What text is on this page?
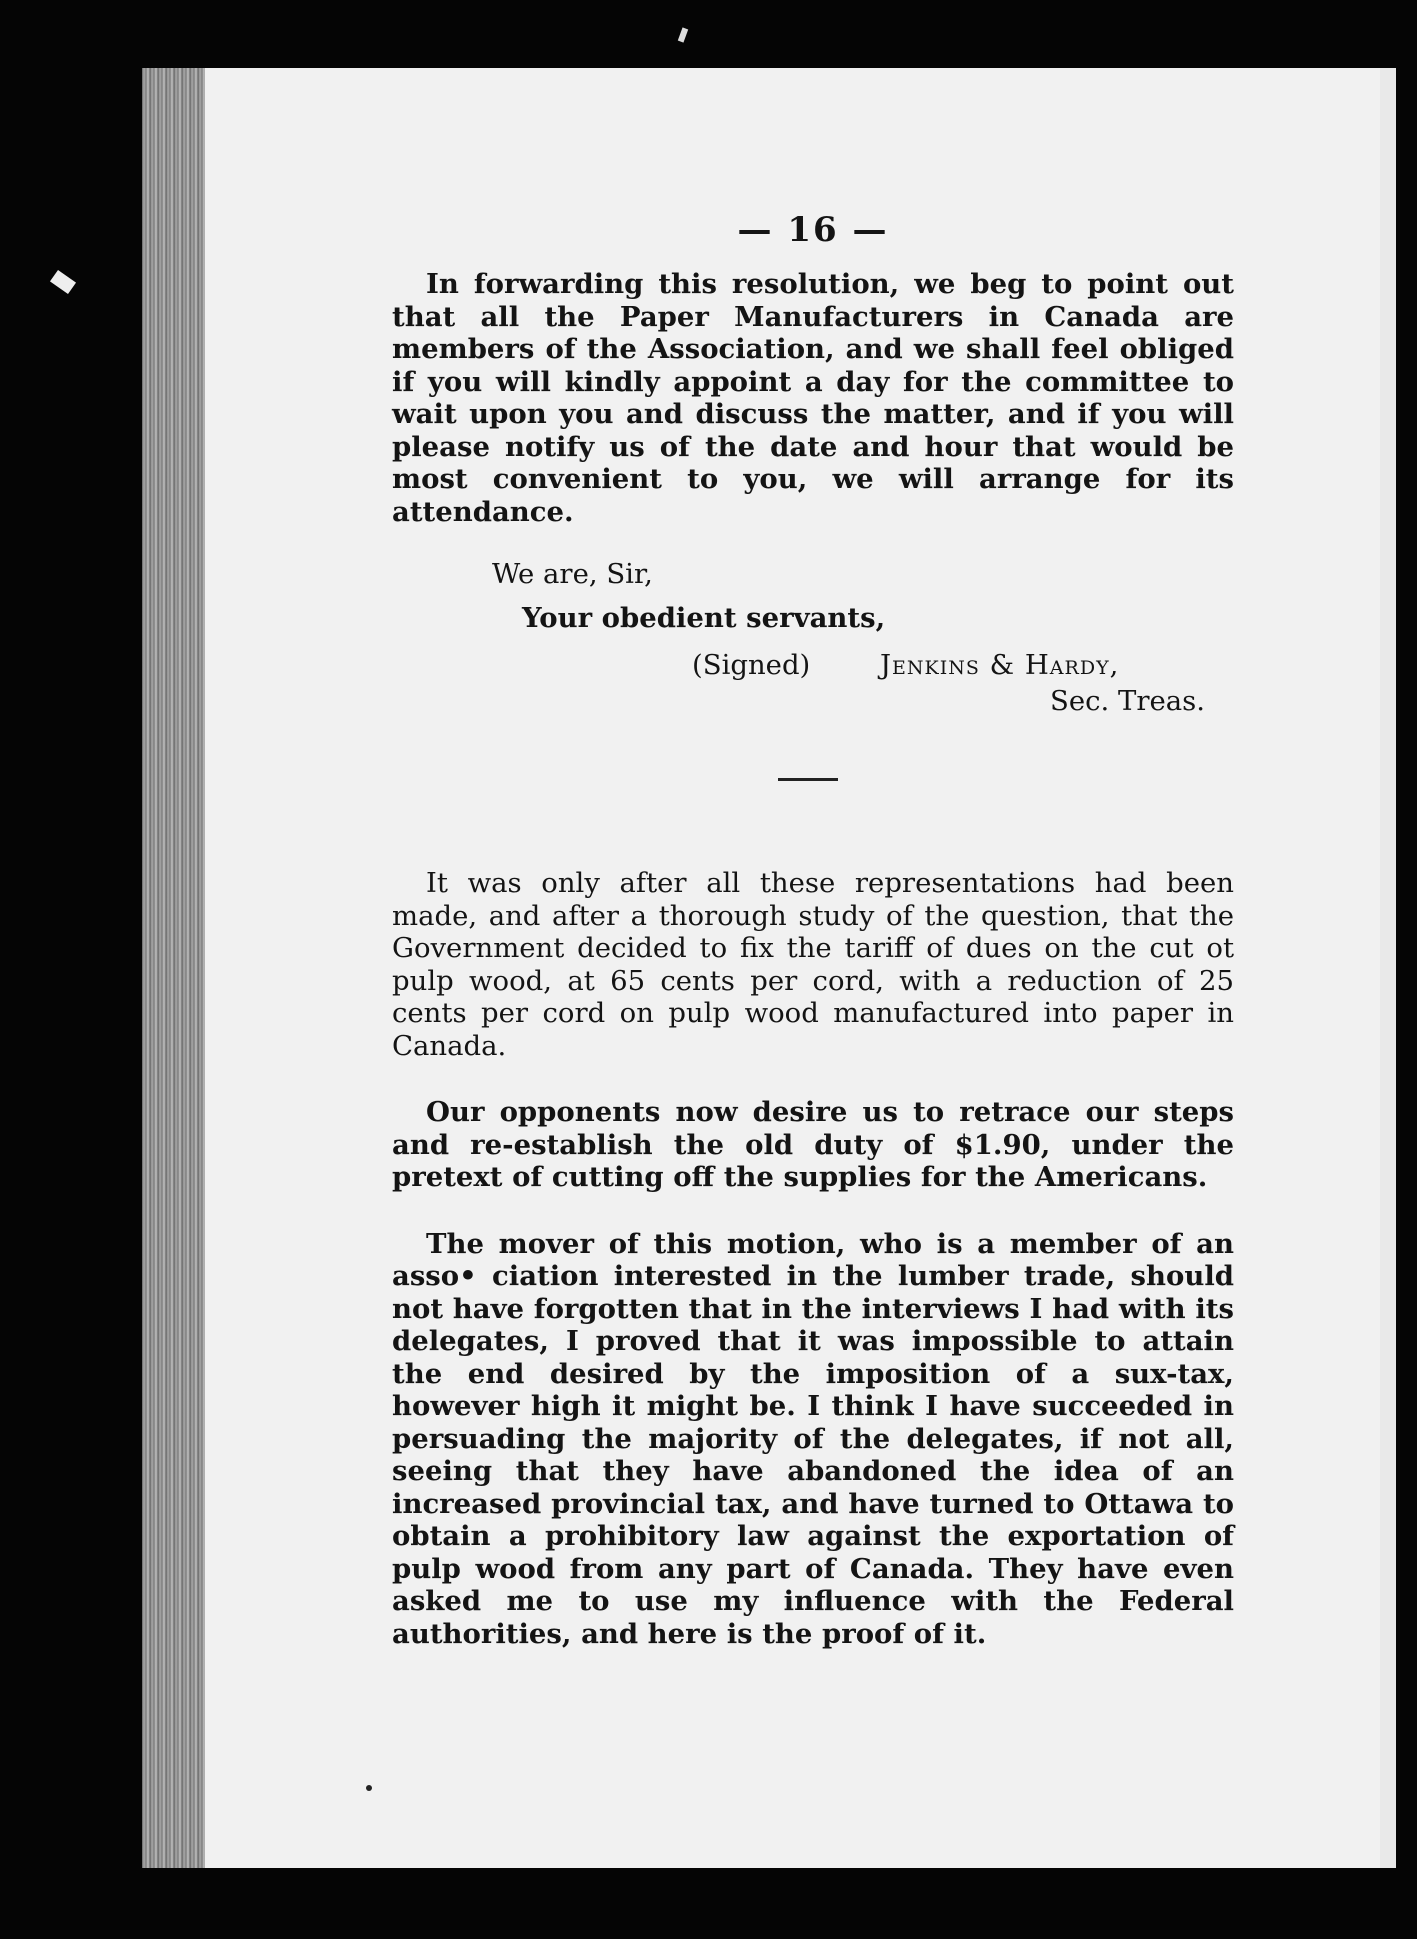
— 16 —

In forwarding this resolution, we beg to point out that all the Paper Manufacturers in Canada are members of the Association, and we shall feel obliged if you will kindly appoint a day for the committee to wait upon you and discuss the matter, and if you will please notify us of the date and hour that would be most convenient to you, we will arrange for its attendance.

We are, Sir,
Your obedient servants,
(Signed)	Jenkins & Hardy,
Sec. Treas.

It was only after all these representations had been made, and after a thorough study of the question, that the Government decided to fix the tariff of dues on the cut ot pulp wood, at 65 cents per cord, with a reduction of 25 cents per cord on pulp wood manufactured into paper in Canada.

Our opponents now desire us to retrace our steps and re-establish the old duty of $1.90, under the pretext of cutting off the supplies for the Americans.

The mover of this motion, who is a member of an asso• ciation interested in the lumber trade, should not have forgotten that in the interviews I had with its delegates, I proved that it was impossible to attain the end desired by the imposition of a sux-tax, however high it might be. I think I have succeeded in persuading the majority of the delegates, if not all, seeing that they have abandoned the idea of an increased provincial tax, and have turned to Ottawa to obtain a prohibitory law against the exportation of pulp wood from any part of Canada. They have even asked me to use my influence with the Federal authorities, and here is the proof of it.
